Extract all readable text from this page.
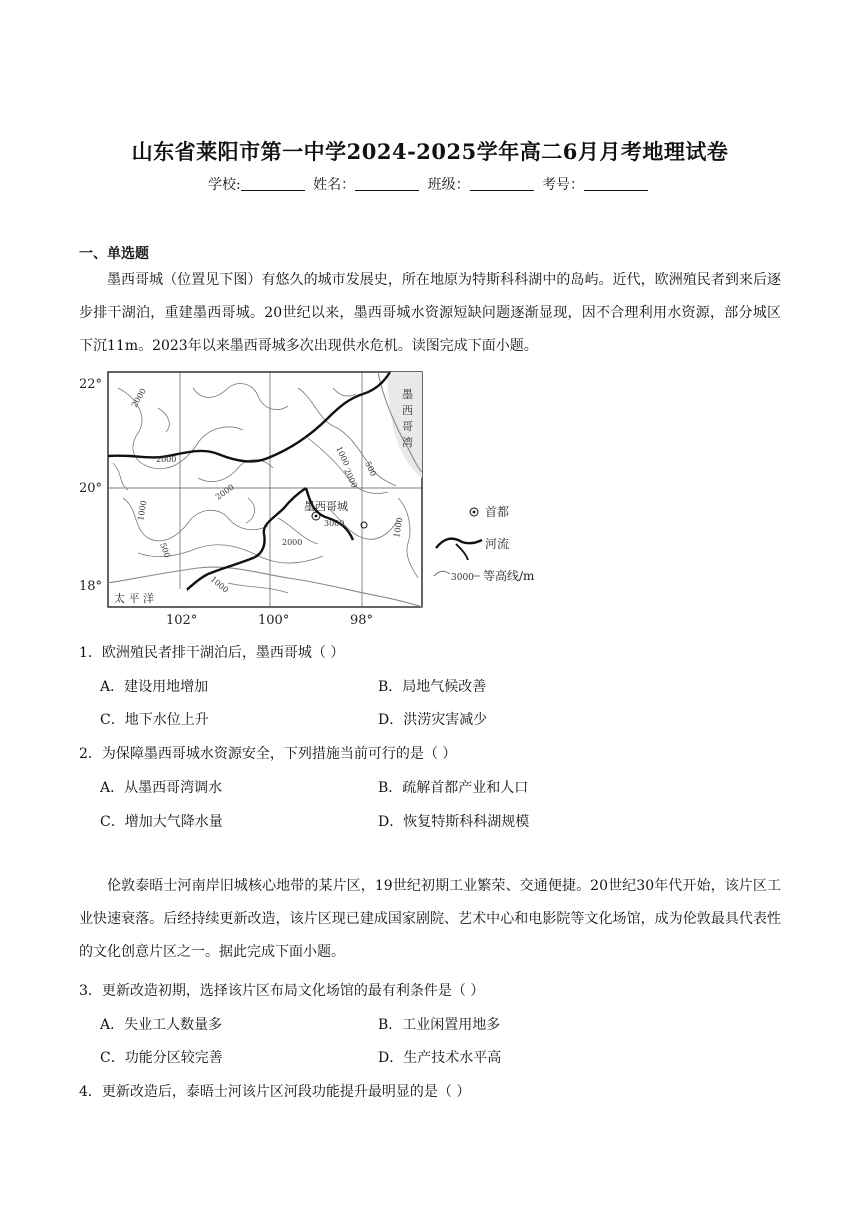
山东省莱阳市第一中学2024-2025学年高二6月月考地理试卷
学校:	姓名：	班级：	考号：
一、单选题
墨西哥城（位置见下图）有悠久的城市发展史，所在地原为特斯科科湖中的岛屿。近代，欧洲殖民者到来后逐步排干湖泊，重建墨西哥城。20世纪以来，墨西哥城水资源短缺问题逐渐显现，因不合理利用水资源，部分城区下沉11m。2023年以来墨西哥城多次出现供水危机。读图完成下面小题。
2000
2000
2000
1000
500
2000
3000
1000
500
1000
2000
1000
墨
西
哥
湾
墨西哥城
太 平 洋
22°
20°
18°
102°	100°	98°
首都
河流
3000 等高线/m
1．欧洲殖民者排干湖泊后，墨西哥城（ ）
A．建设用地增加	B．局地气候改善
C．地下水位上升	D．洪涝灾害减少
2．为保障墨西哥城水资源安全，下列措施当前可行的是（ ）
A．从墨西哥湾调水	B．疏解首都产业和人口
C．增加大气降水量	D．恢复特斯科科湖规模
伦敦泰晤士河南岸旧城核心地带的某片区，19世纪初期工业繁荣、交通便捷。20世纪30年代开始，该片区工业快速衰落。后经持续更新改造，该片区现已建成国家剧院、艺术中心和电影院等文化场馆，成为伦敦最具代表性的文化创意片区之一。据此完成下面小题。
3．更新改造初期，选择该片区布局文化场馆的最有利条件是（ ）
A．失业工人数量多	B．工业闲置用地多
C．功能分区较完善	D．生产技术水平高
4．更新改造后，泰晤士河该片区河段功能提升最明显的是（ ）
